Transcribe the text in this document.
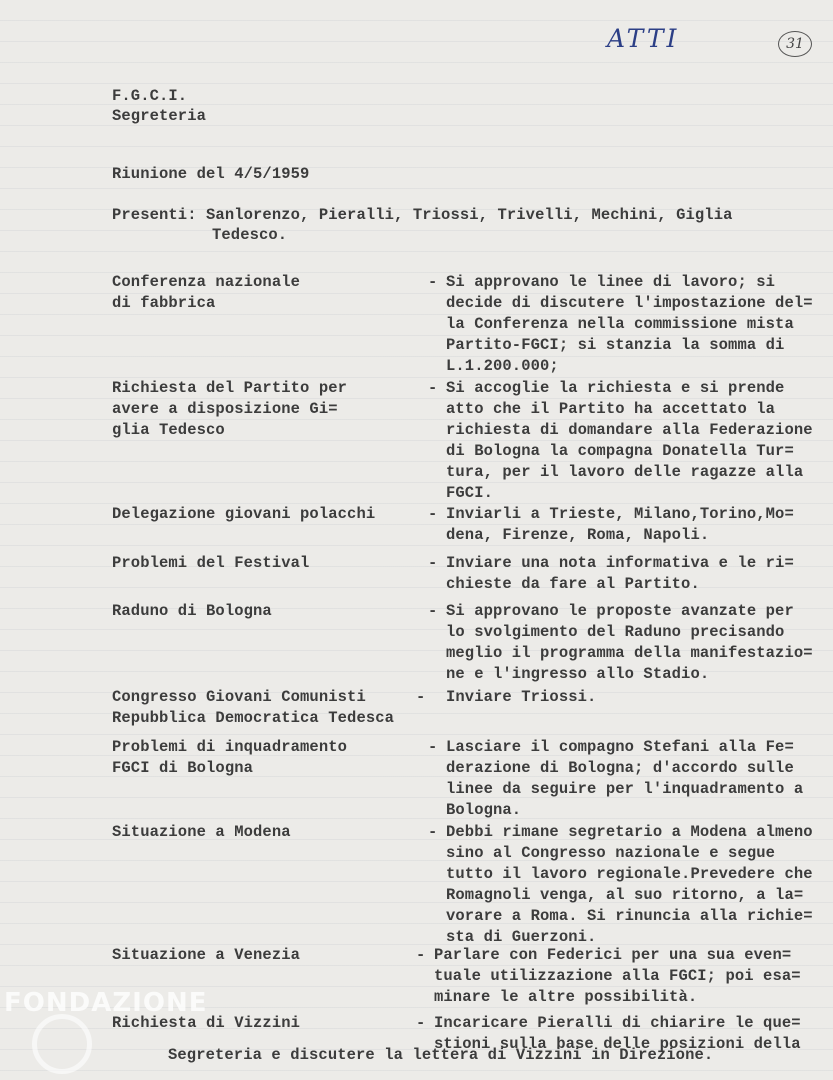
ATTI	31
F.G.C.I.
Segreteria
Riunione del 4/5/1959
Presenti: Sanlorenzo, Pieralli, Triossi, Trivelli, Mechini, Giglia
Tedesco.
Conferenza nazionale
di fabbrica
- Si approvano le linee di lavoro; si
decide di discutere l'impostazione del=
la Conferenza nella commissione mista
Partito-FGCI; si stanzia la somma di
L.1.200.000;
Richiesta del Partito per
avere a disposizione Gi=
glia Tedesco
- Si accoglie la richiesta e si prende
atto che il Partito ha accettato la
richiesta di domandare alla Federazione
di Bologna la compagna Donatella Tur=
tura, per il lavoro delle ragazze alla
FGCI.
Delegazione giovani polacchi	- Inviarli a Trieste, Milano,Torino,Mo=
dena, Firenze, Roma, Napoli.
Problemi del Festival	- Inviare una nota informativa e le ri=
chieste da fare al Partito.
Raduno di Bologna	- Si approvano le proposte avanzate per
lo svolgimento del Raduno precisando
meglio il programma della manifestazio=
ne e l'ingresso allo Stadio.
Congresso Giovani Comunisti
Repubblica Democratica Tedesca
- Inviare Triossi.
Problemi di inquadramento
FGCI di Bologna
- Lasciare il compagno Stefani alla Fe=
derazione di Bologna; d'accordo sulle
linee da seguire per l'inquadramento a
Bologna.
Situazione a Modena	- Debbi rimane segretario a Modena almeno
sino al Congresso nazionale e segue
tutto il lavoro regionale.Prevedere che
Romagnoli venga, al suo ritorno, a la=
vorare a Roma. Si rinuncia alla richie=
sta di Guerzoni.
Situazione a Venezia	- Parlare con Federici per una sua even=
tuale utilizzazione alla FGCI; poi esa=
minare le altre possibilità.
Richiesta di Vizzini	- Incaricare Pieralli di chiarire le que=
stioni sulla base delle posizioni della
Segreteria e discutere la lettera di Vizzini in Direzione.
FONDAZIONE
